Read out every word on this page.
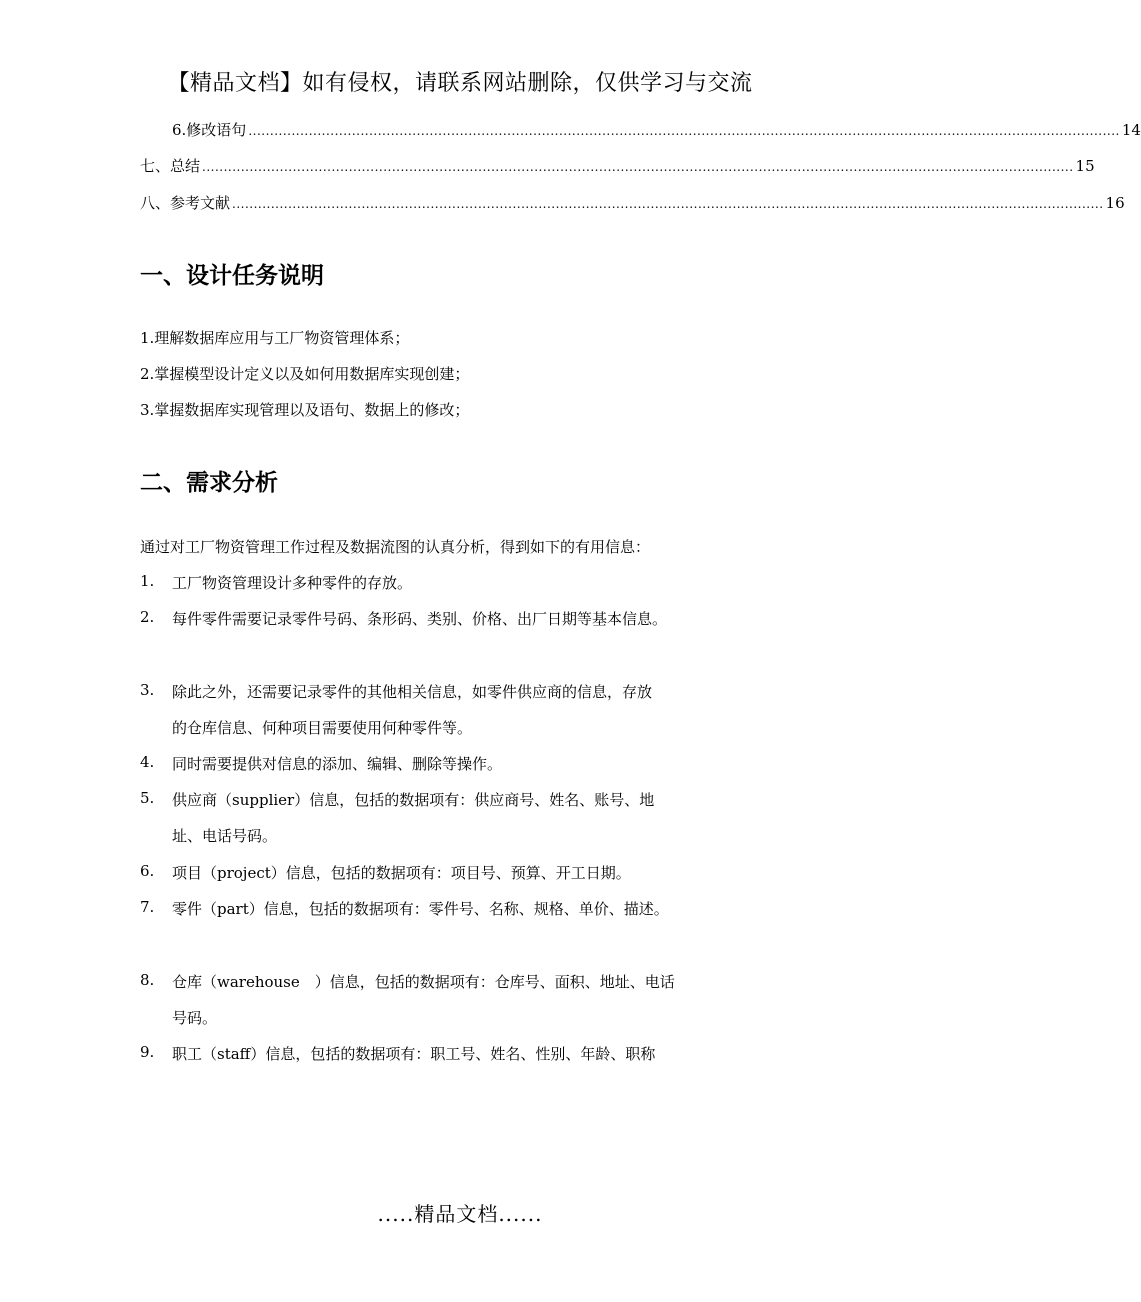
【精品文档】如有侵权，请联系网站删除，仅供学习与交流
6.修改语句 .......................................................................................................................................................................................................... 14
七、总结 .......................................................................................................................................................................................................... 15
八、参考文献 .......................................................................................................................................................................................................... 16
一、设计任务说明
1.理解数据库应用与工厂物资管理体系；
2.掌握模型设计定义以及如何用数据库实现创建；
3.掌握数据库实现管理以及语句、数据上的修改；
二、需求分析
通过对工厂物资管理工作过程及数据流图的认真分析，得到如下的有用信息：
1.	工厂物资管理设计多种零件的存放。
2.	每件零件需要记录零件号码、条形码、类别、价格、出厂日期等基本信息。
3.	除此之外，还需要记录零件的其他相关信息，如零件供应商的信息，存放
的仓库信息、何种项目需要使用何种零件等。
4.	同时需要提供对信息的添加、编辑、删除等操作。
5.	供应商（supplier）信息，包括的数据项有：供应商号、姓名、账号、地
址、电话号码。
6.	项目（project）信息，包括的数据项有：项目号、预算、开工日期。
7.	零件（part）信息，包括的数据项有：零件号、名称、规格、单价、描述。
8.	仓库（warehouse　）信息，包括的数据项有：仓库号、面积、地址、电话
号码。
9.	职工（staff）信息，包括的数据项有：职工号、姓名、性别、年龄、职称
.....精品文档......
